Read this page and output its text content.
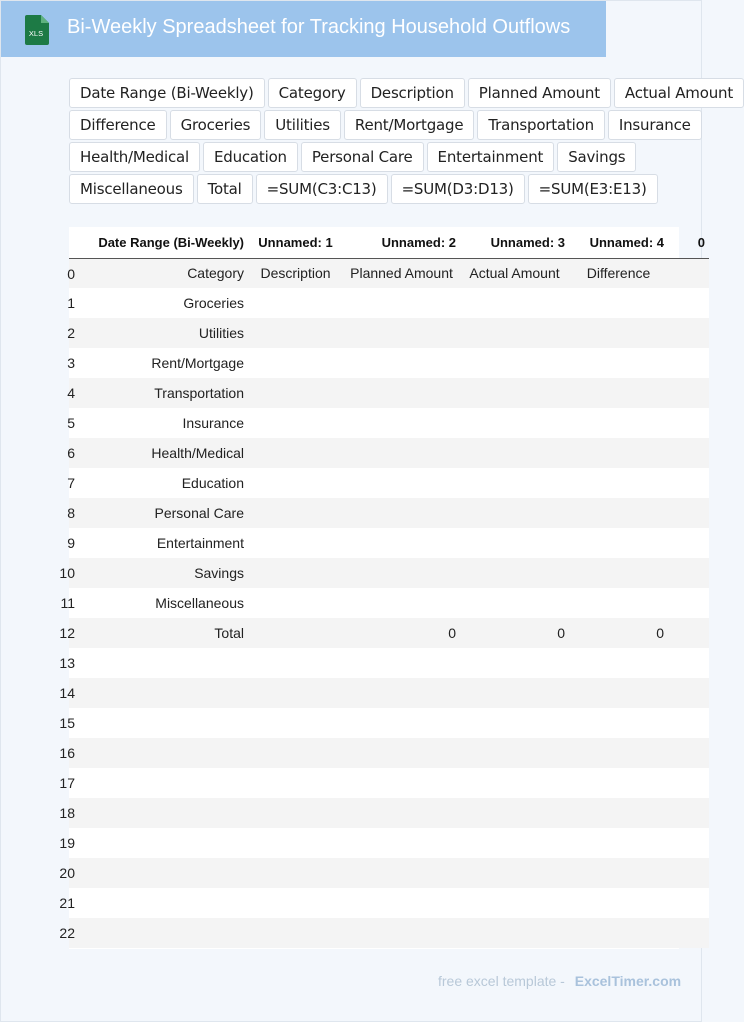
XLS Bi-Weekly Spreadsheet for Tracking Household Outflows
Date Range (Bi-Weekly)	Category	Description	Planned Amount	Actual Amount
Difference	Groceries	Utilities	Rent/Mortgage	Transportation	Insurance
Health/Medical	Education	Personal Care	Entertainment	Savings
Miscellaneous	Total	=SUM(C3:C13)	=SUM(D3:D13)	=SUM(E3:E13)
	Date Range (Bi-Weekly)	Unnamed: 1	Unnamed: 2	Unnamed: 3	Unnamed: 4	0

0	Category	Description	Planned Amount	Actual Amount	Difference	

1	Groceries					

2	Utilities					

3	Rent/Mortgage					

4	Transportation					

5	Insurance					

6	Health/Medical					

7	Education					

8	Personal Care					

9	Entertainment					

10	Savings					

11	Miscellaneous					

12	Total		0	0	0	

13						

14						

15						

16						

17						

18						

19						

20						

21						

22						

free excel template - ExcelTimer.com
